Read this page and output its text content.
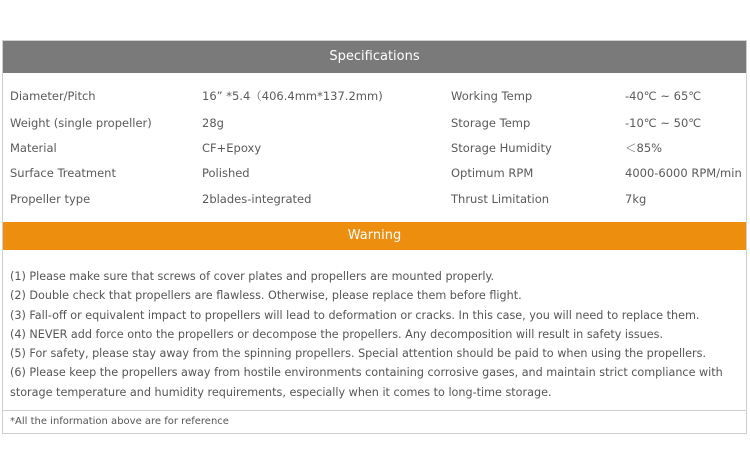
Specifications
Diameter/Pitch	16” *5.4（406.4mm*137.2mm)	Working Temp	-40℃ ~ 65℃
Weight (single propeller)	28g	Storage Temp	-10℃ ~ 50℃
Material	CF+Epoxy	Storage Humidity	＜85%
Surface Treatment	Polished	Optimum RPM	4000-6000 RPM/min
Propeller type	2blades-integrated	Thrust Limitation	7kg
Warning

(1) Please make sure that screws of cover plates and propellers are mounted properly.

(2) Double check that propellers are flawless. Otherwise, please replace them before flight.

(3) Fall-off or equivalent impact to propellers will lead to deformation or cracks. In this case, you will need to replace them.

(4) NEVER add force onto the propellers or decompose the propellers. Any decomposition will result in safety issues.

(5) For safety, please stay away from the spinning propellers. Special attention should be paid to when using the propellers.

(6) Please keep the propellers away from hostile environments containing corrosive gases, and maintain strict compliance with storage temperature and humidity requirements, especially when it comes to long-time storage.

*All the information above are for reference
